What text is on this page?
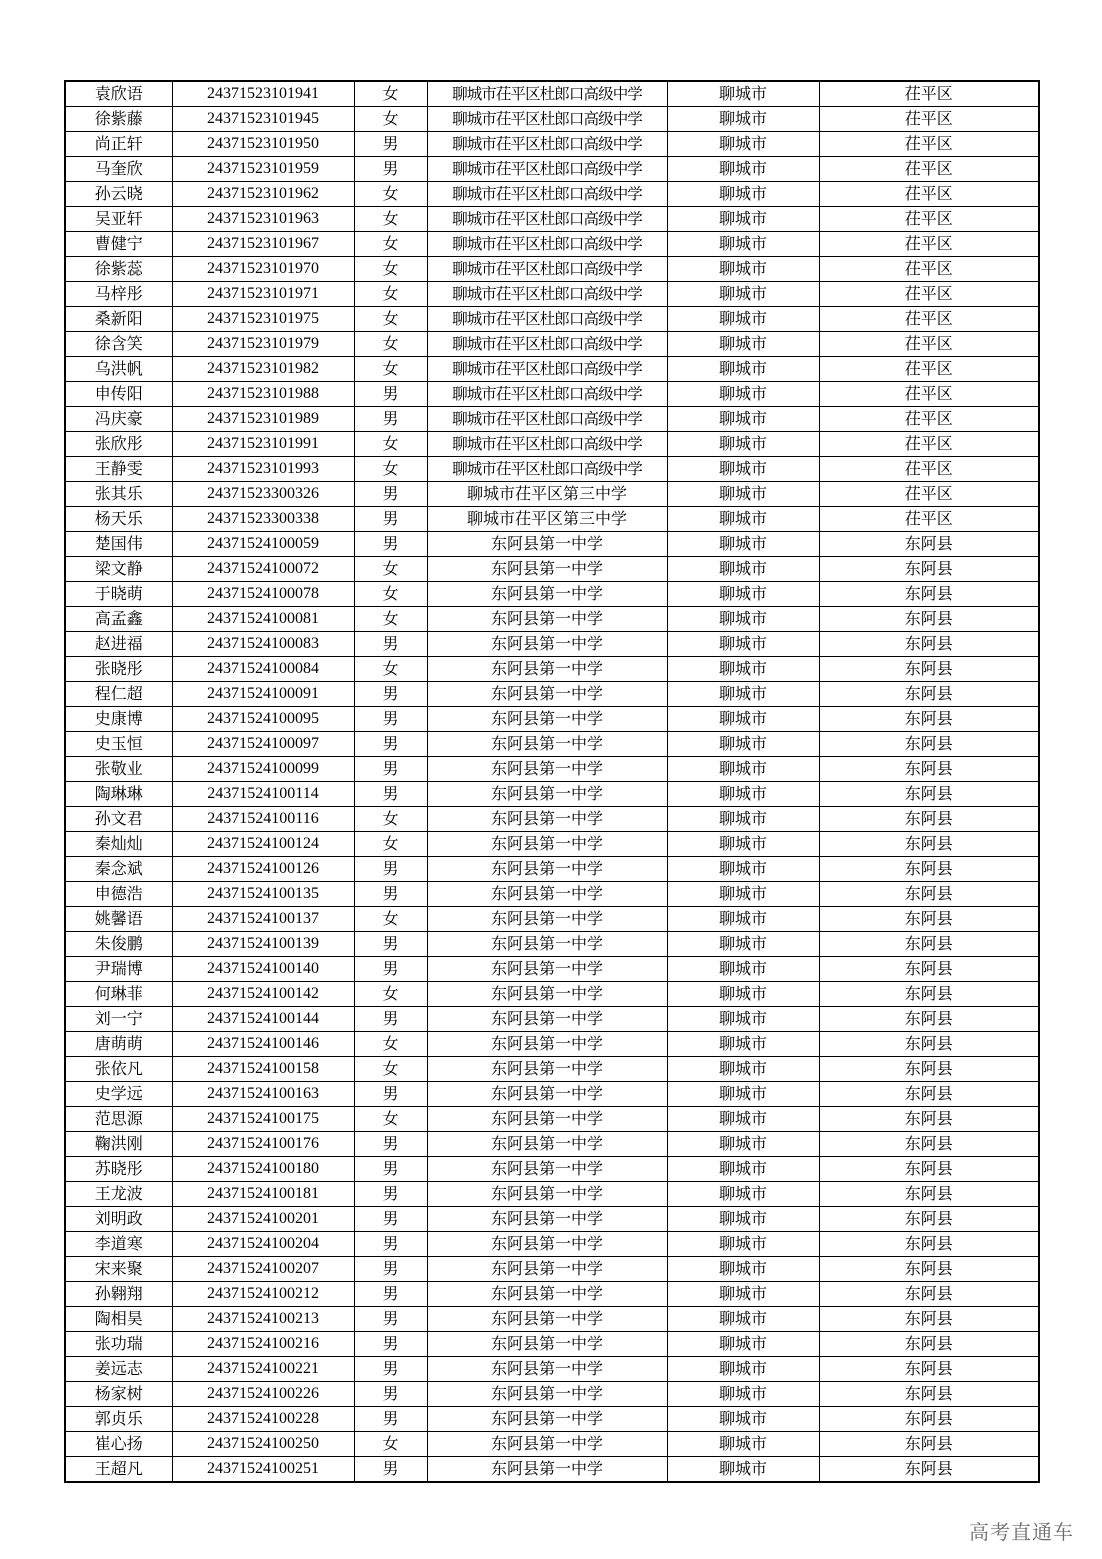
袁欣语	24371523101941	女	聊城市茌平区杜郎口高级中学	聊城市	茌平区
徐紫藤	24371523101945	女	聊城市茌平区杜郎口高级中学	聊城市	茌平区
尚正轩	24371523101950	男	聊城市茌平区杜郎口高级中学	聊城市	茌平区
马奎欣	24371523101959	男	聊城市茌平区杜郎口高级中学	聊城市	茌平区
孙云晓	24371523101962	女	聊城市茌平区杜郎口高级中学	聊城市	茌平区
吴亚轩	24371523101963	女	聊城市茌平区杜郎口高级中学	聊城市	茌平区
曹健宁	24371523101967	女	聊城市茌平区杜郎口高级中学	聊城市	茌平区
徐紫蕊	24371523101970	女	聊城市茌平区杜郎口高级中学	聊城市	茌平区
马梓彤	24371523101971	女	聊城市茌平区杜郎口高级中学	聊城市	茌平区
桑新阳	24371523101975	女	聊城市茌平区杜郎口高级中学	聊城市	茌平区
徐含笑	24371523101979	女	聊城市茌平区杜郎口高级中学	聊城市	茌平区
乌洪帆	24371523101982	女	聊城市茌平区杜郎口高级中学	聊城市	茌平区
申传阳	24371523101988	男	聊城市茌平区杜郎口高级中学	聊城市	茌平区
冯庆豪	24371523101989	男	聊城市茌平区杜郎口高级中学	聊城市	茌平区
张欣彤	24371523101991	女	聊城市茌平区杜郎口高级中学	聊城市	茌平区
王静雯	24371523101993	女	聊城市茌平区杜郎口高级中学	聊城市	茌平区
张其乐	24371523300326	男	聊城市茌平区第三中学	聊城市	茌平区
杨天乐	24371523300338	男	聊城市茌平区第三中学	聊城市	茌平区
楚国伟	24371524100059	男	东阿县第一中学	聊城市	东阿县
梁文静	24371524100072	女	东阿县第一中学	聊城市	东阿县
于晓萌	24371524100078	女	东阿县第一中学	聊城市	东阿县
高孟鑫	24371524100081	女	东阿县第一中学	聊城市	东阿县
赵进福	24371524100083	男	东阿县第一中学	聊城市	东阿县
张晓彤	24371524100084	女	东阿县第一中学	聊城市	东阿县
程仁超	24371524100091	男	东阿县第一中学	聊城市	东阿县
史康博	24371524100095	男	东阿县第一中学	聊城市	东阿县
史玉恒	24371524100097	男	东阿县第一中学	聊城市	东阿县
张敬业	24371524100099	男	东阿县第一中学	聊城市	东阿县
陶琳琳	24371524100114	男	东阿县第一中学	聊城市	东阿县
孙文君	24371524100116	女	东阿县第一中学	聊城市	东阿县
秦灿灿	24371524100124	女	东阿县第一中学	聊城市	东阿县
秦念斌	24371524100126	男	东阿县第一中学	聊城市	东阿县
申德浩	24371524100135	男	东阿县第一中学	聊城市	东阿县
姚馨语	24371524100137	女	东阿县第一中学	聊城市	东阿县
朱俊鹏	24371524100139	男	东阿县第一中学	聊城市	东阿县
尹瑞博	24371524100140	男	东阿县第一中学	聊城市	东阿县
何琳菲	24371524100142	女	东阿县第一中学	聊城市	东阿县
刘一宁	24371524100144	男	东阿县第一中学	聊城市	东阿县
唐萌萌	24371524100146	女	东阿县第一中学	聊城市	东阿县
张依凡	24371524100158	女	东阿县第一中学	聊城市	东阿县
史学远	24371524100163	男	东阿县第一中学	聊城市	东阿县
范思源	24371524100175	女	东阿县第一中学	聊城市	东阿县
鞠洪刚	24371524100176	男	东阿县第一中学	聊城市	东阿县
苏晓彤	24371524100180	男	东阿县第一中学	聊城市	东阿县
王龙波	24371524100181	男	东阿县第一中学	聊城市	东阿县
刘明政	24371524100201	男	东阿县第一中学	聊城市	东阿县
李道寒	24371524100204	男	东阿县第一中学	聊城市	东阿县
宋来聚	24371524100207	男	东阿县第一中学	聊城市	东阿县
孙翱翔	24371524100212	男	东阿县第一中学	聊城市	东阿县
陶相昊	24371524100213	男	东阿县第一中学	聊城市	东阿县
张功瑞	24371524100216	男	东阿县第一中学	聊城市	东阿县
姜远志	24371524100221	男	东阿县第一中学	聊城市	东阿县
杨家树	24371524100226	男	东阿县第一中学	聊城市	东阿县
郭贞乐	24371524100228	男	东阿县第一中学	聊城市	东阿县
崔心扬	24371524100250	女	东阿县第一中学	聊城市	东阿县
王超凡	24371524100251	男	东阿县第一中学	聊城市	东阿县
高考直通车
